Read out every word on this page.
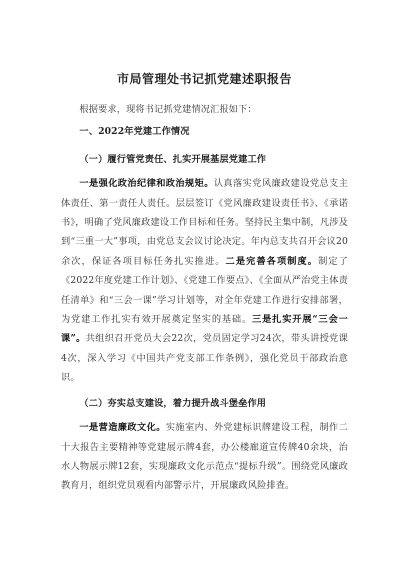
市局管理处书记抓党建述职报告

根据要求，现将书记抓党建情况汇报如下：

一、2022年党建工作情况

（一）履行管党责任、扎实开展基层党建工作

一是强化政治纪律和政治规矩。认真落实党风廉政建设党总支主体责任、第一责任人责任。层层签订《党风廉政建设责任书》、《承诺书》，明确了党风廉政建设工作目标和任务。坚持民主集中制，凡涉及到“三重一大”事项，由党总支会议讨论决定。年内总支共召开会议20余次，保证各项目标任务扎实推进。二是完善各项制度。制定了《2022年度党建工作计划》、《党建工作要点》、《全面从严治党主体责任清单》和“三会一课”学习计划等，对全年党建工作进行安排部署，为党建工作扎实有效开展奠定坚实的基础。三是扎实开展“三会一课”。共组织召开党员大会22次，党员固定学习24次，带头讲授党课4次，深入学习《中国共产党支部工作条例》，强化党员干部政治意识。

（二）夯实总支建设，着力提升战斗堡垒作用

一是营造廉政文化。实施室内、外党建标识牌建设工程，制作二十大报告主要精神等党建展示牌4套，办公楼廊道宣传牌40余块，治水人物展示牌12套，实现廉政文化示范点“提标升级”。围绕党风廉政教育月，组织党员观看内部警示片，开展廉政风险排查。
